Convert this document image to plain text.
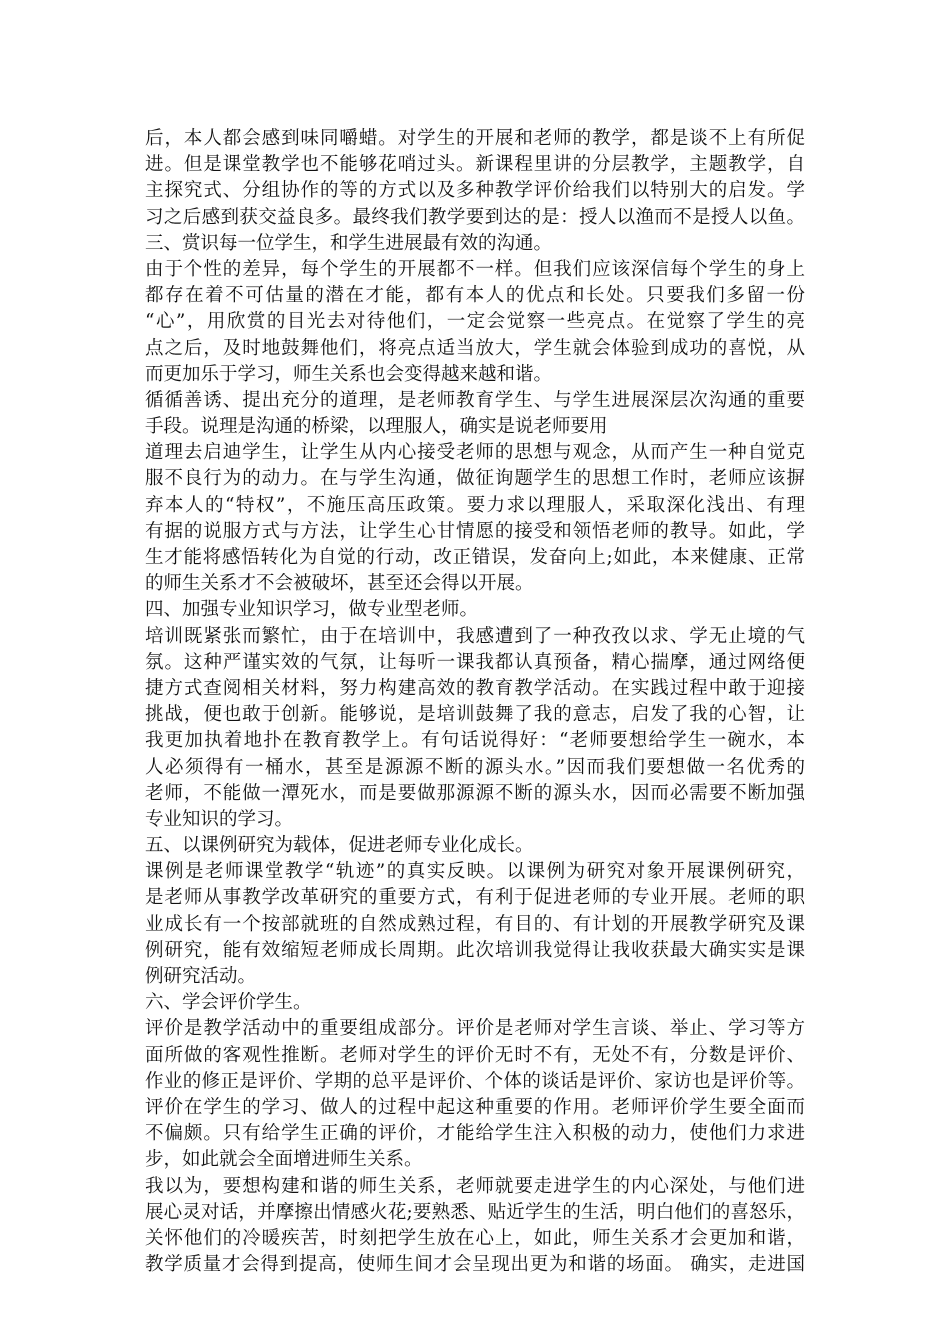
后，本人都会感到味同嚼蜡。对学生的开展和老师的教学，都是谈不上有所促
进。但是课堂教学也不能够花哨过头。新课程里讲的分层教学，主题教学，自
主探究式、分组协作的等的方式以及多种教学评价给我们以特别大的启发。学
习之后感到获交益良多。最终我们教学要到达的是：授人以渔而不是授人以鱼。
三、赏识每一位学生，和学生进展最有效的沟通。
由于个性的差异，每个学生的开展都不一样。但我们应该深信每个学生的身上
都存在着不可估量的潜在才能，都有本人的优点和长处。只要我们多留一份
“心”，用欣赏的目光去对待他们，一定会觉察一些亮点。在觉察了学生的亮
点之后，及时地鼓舞他们，将亮点适当放大，学生就会体验到成功的喜悦，从
而更加乐于学习，师生关系也会变得越来越和谐。
循循善诱、提出充分的道理，是老师教育学生、与学生进展深层次沟通的重要
手段。说理是沟通的桥梁，以理服人，确实是说老师要用
道理去启迪学生，让学生从内心接受老师的思想与观念，从而产生一种自觉克
服不良行为的动力。在与学生沟通，做征询题学生的思想工作时，老师应该摒
弃本人的“特权”，不施压高压政策。要力求以理服人，采取深化浅出、有理
有据的说服方式与方法，让学生心甘情愿的接受和领悟老师的教导。如此，学
生才能将感悟转化为自觉的行动，改正错误，发奋向上;如此，本来健康、正常
的师生关系才不会被破坏，甚至还会得以开展。
四、加强专业知识学习，做专业型老师。
培训既紧张而繁忙，由于在培训中，我感遭到了一种孜孜以求、学无止境的气
氛。这种严谨实效的气氛，让每听一课我都认真预备，精心揣摩，通过网络便
捷方式查阅相关材料，努力构建高效的教育教学活动。在实践过程中敢于迎接
挑战，便也敢于创新。能够说，是培训鼓舞了我的意志，启发了我的心智，让
我更加执着地扑在教育教学上。有句话说得好：“老师要想给学生一碗水，本
人必须得有一桶水，甚至是源源不断的源头水。”因而我们要想做一名优秀的
老师，不能做一潭死水，而是要做那源源不断的源头水，因而必需要不断加强
专业知识的学习。
五、以课例研究为载体，促进老师专业化成长。
课例是老师课堂教学“轨迹”的真实反映。以课例为研究对象开展课例研究，
是老师从事教学改革研究的重要方式，有利于促进老师的专业开展。老师的职
业成长有一个按部就班的自然成熟过程，有目的、有计划的开展教学研究及课
例研究，能有效缩短老师成长周期。此次培训我觉得让我收获最大确实实是课
例研究活动。
六、学会评价学生。
评价是教学活动中的重要组成部分。评价是老师对学生言谈、举止、学习等方
面所做的客观性推断。老师对学生的评价无时不有，无处不有，分数是评价、
作业的修正是评价、学期的总平是评价、个体的谈话是评价、家访也是评价等。
评价在学生的学习、做人的过程中起这种重要的作用。老师评价学生要全面而
不偏颇。只有给学生正确的评价，才能给学生注入积极的动力，使他们力求进
步，如此就会全面增进师生关系。
我以为，要想构建和谐的师生关系，老师就要走进学生的内心深处，与他们进
展心灵对话，并摩擦出情感火花;要熟悉、贴近学生的生活，明白他们的喜怒乐，
关怀他们的冷暖疾苦，时刻把学生放在心上，如此，师生关系才会更加和谐，
教学质量才会得到提高，使师生间才会呈现出更为和谐的场面。 确实，走进国
